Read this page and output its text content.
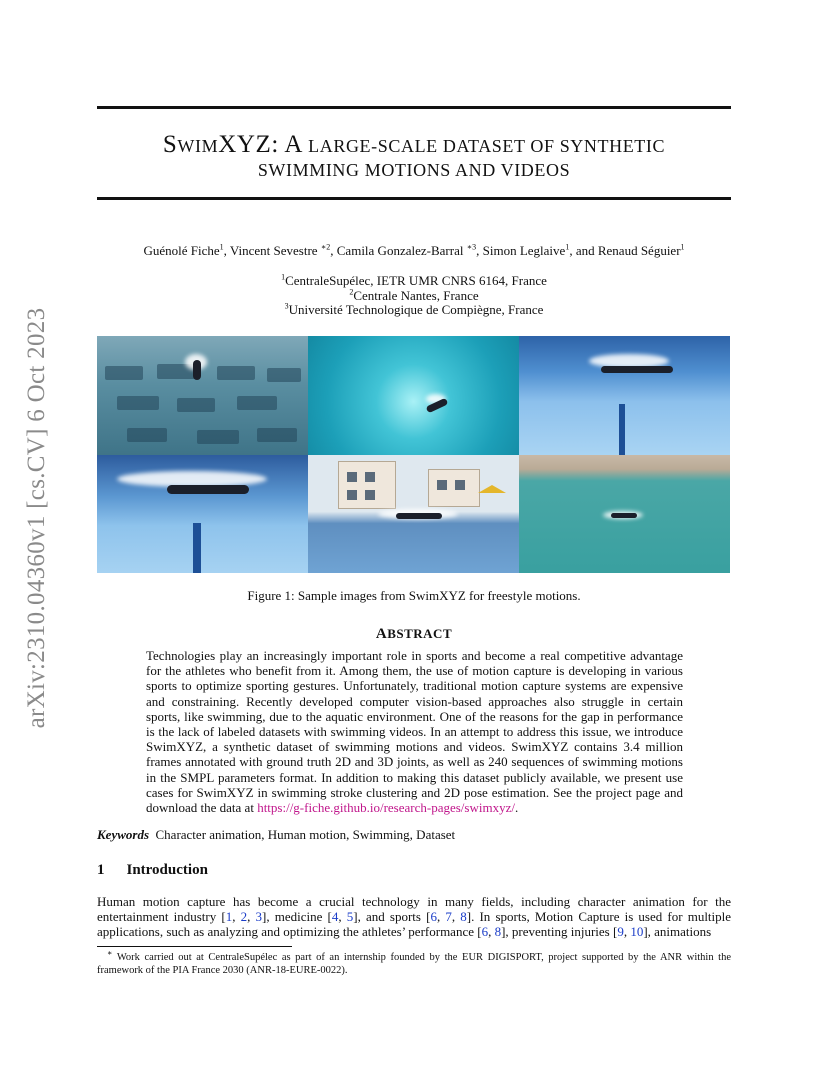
arXiv:2310.04360v1 [cs.CV] 6 Oct 2023
SWIMXYZ: A LARGE-SCALE DATASET OF SYNTHETIC
SWIMMING MOTIONS AND VIDEOS
Guénolé Fiche$^1$, Vincent Sevestre $^{∗2}$, Camila Gonzalez-Barral $^{∗3}$, Simon Leglaive$^1$, and Renaud Séguier$^1$
$^1$CentraleSupélec, IETR UMR CNRS 6164, France
$^2$Centrale Nantes, France
$^3$Université Technologique de Compiègne, France
Figure 1: Sample images from SwimXYZ for freestyle motions.
ABSTRACT
Technologies play an increasingly important role in sports and become a real competitive advantage for the athletes who benefit from it. Among them, the use of motion capture is developing in various sports to optimize sporting gestures. Unfortunately, traditional motion capture systems are expensive and constraining. Recently developed computer vision-based approaches also struggle in certain sports, like swimming, due to the aquatic environment. One of the reasons for the gap in performance is the lack of labeled datasets with swimming videos. In an attempt to address this issue, we introduce SwimXYZ, a synthetic dataset of swimming motions and videos. SwimXYZ contains 3.4 million frames annotated with ground truth 2D and 3D joints, as well as 240 sequences of swimming motions in the SMPL parameters format. In addition to making this dataset publicly available, we present use cases for SwimXYZ in swimming stroke clustering and 2D pose estimation. See the project page and download the data at https://g-fiche.github.io/research-pages/swimxyz/.
Keywords Character animation, Human motion, Swimming, Dataset
1 Introduction
Human motion capture has become a crucial technology in many fields, including character animation for the entertainment industry [1, 2, 3], medicine [4, 5], and sports [6, 7, 8]. In sports, Motion Capture is used for multiple applications, such as analyzing and optimizing the athletes’ performance [6, 8], preventing injuries [9, 10], animations
∗ Work carried out at CentraleSupélec as part of an internship founded by the EUR DIGISPORT, project supported by the ANR within the framework of the PIA France 2030 (ANR-18-EURE-0022).
